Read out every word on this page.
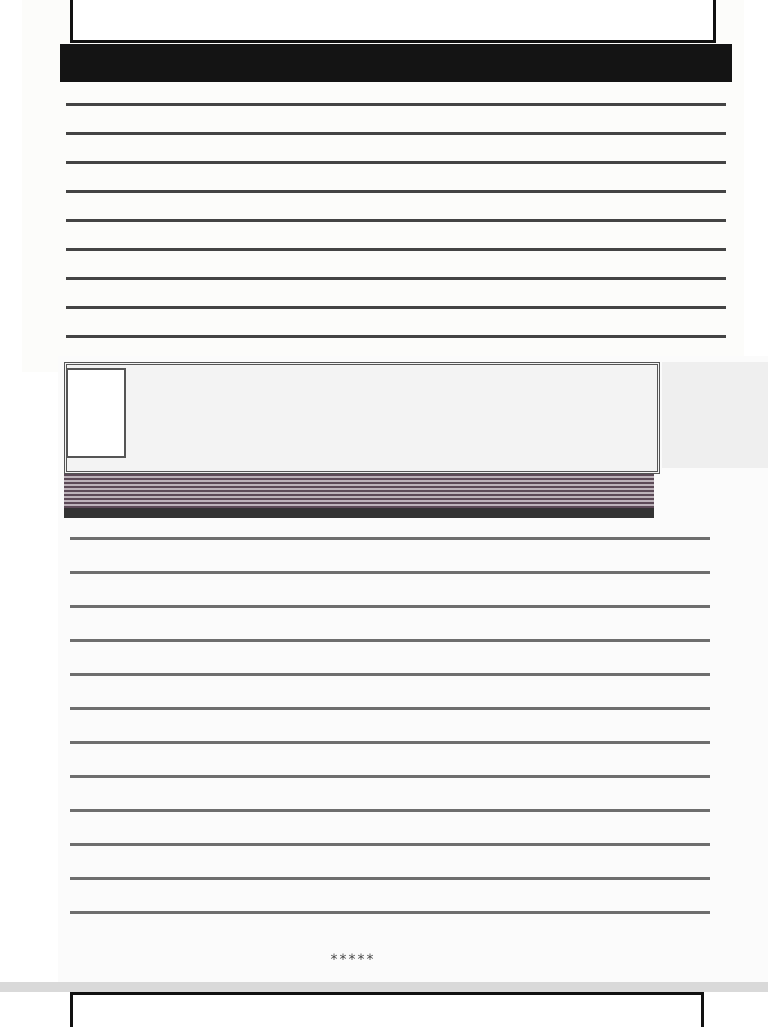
*****
